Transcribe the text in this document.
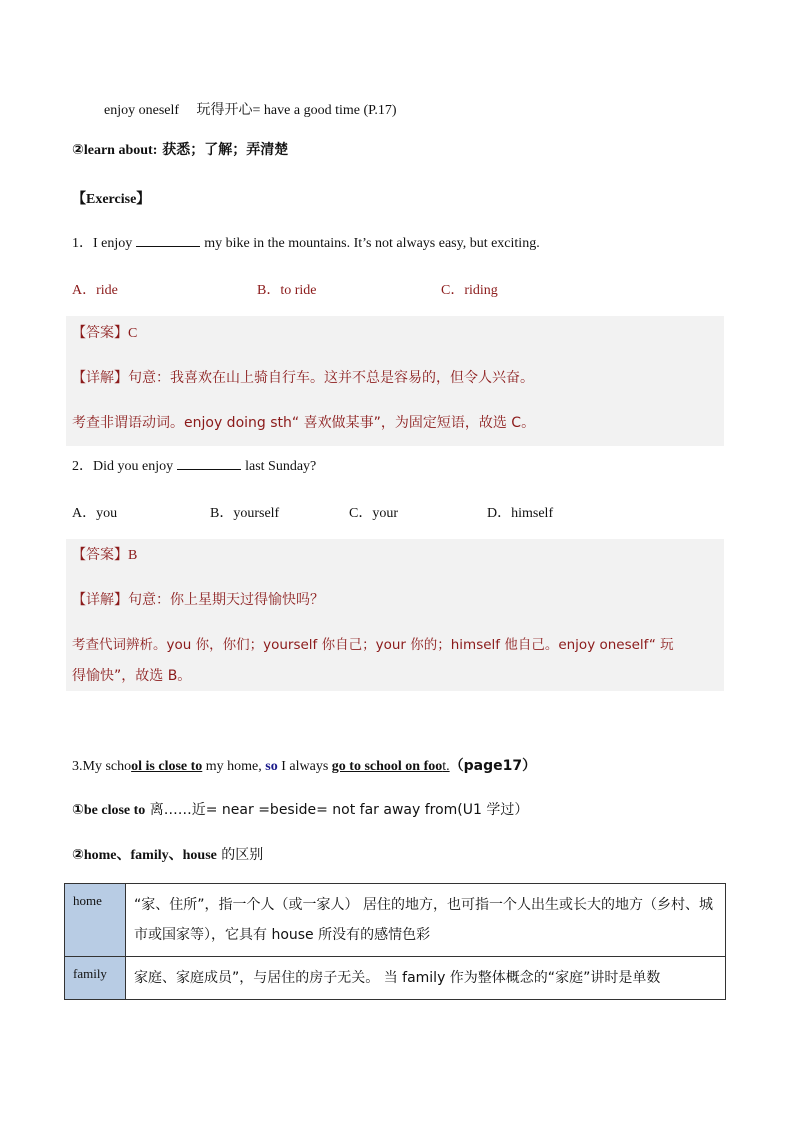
enjoy oneself　 玩得开心= have a good time (P.17)
②learn about: 获悉；了解；弄清楚
【Exercise】
1．I enjoy	my bike in the mountains. It’s not always easy, but exciting.
A．ride	B．to ride	C．riding
【答案】C
【详解】句意：我喜欢在山上骑自行车。这并不总是容易的，但令人兴奋。
考查非谓语动词。enjoy doing sth“ 喜欢做某事”，为固定短语，故选 C。
2．Did you enjoy	last Sunday?
A．you	B．yourself	C．your	D．himself
【答案】B
【详解】句意：你上星期天过得愉快吗？
考查代词辨析。you 你，你们；yourself 你自己；your 你的；himself 他自己。enjoy oneself“ 玩
得愉快”，故选 B。
3.My school is close to my home, so I always go to school on foot.（page17）
①be close to 离……近= near =beside= not far away from(U1 学过）
②home、family、house 的区别
home	“家、住所”，指一个人（或一家人） 居住的地方，也可指一个人出生或长大的地方（乡村、城市或国家等），它具有 house 所没有的感情色彩
family	家庭、家庭成员”，与居住的房子无关。 当 family 作为整体概念的“家庭”讲时是单数
